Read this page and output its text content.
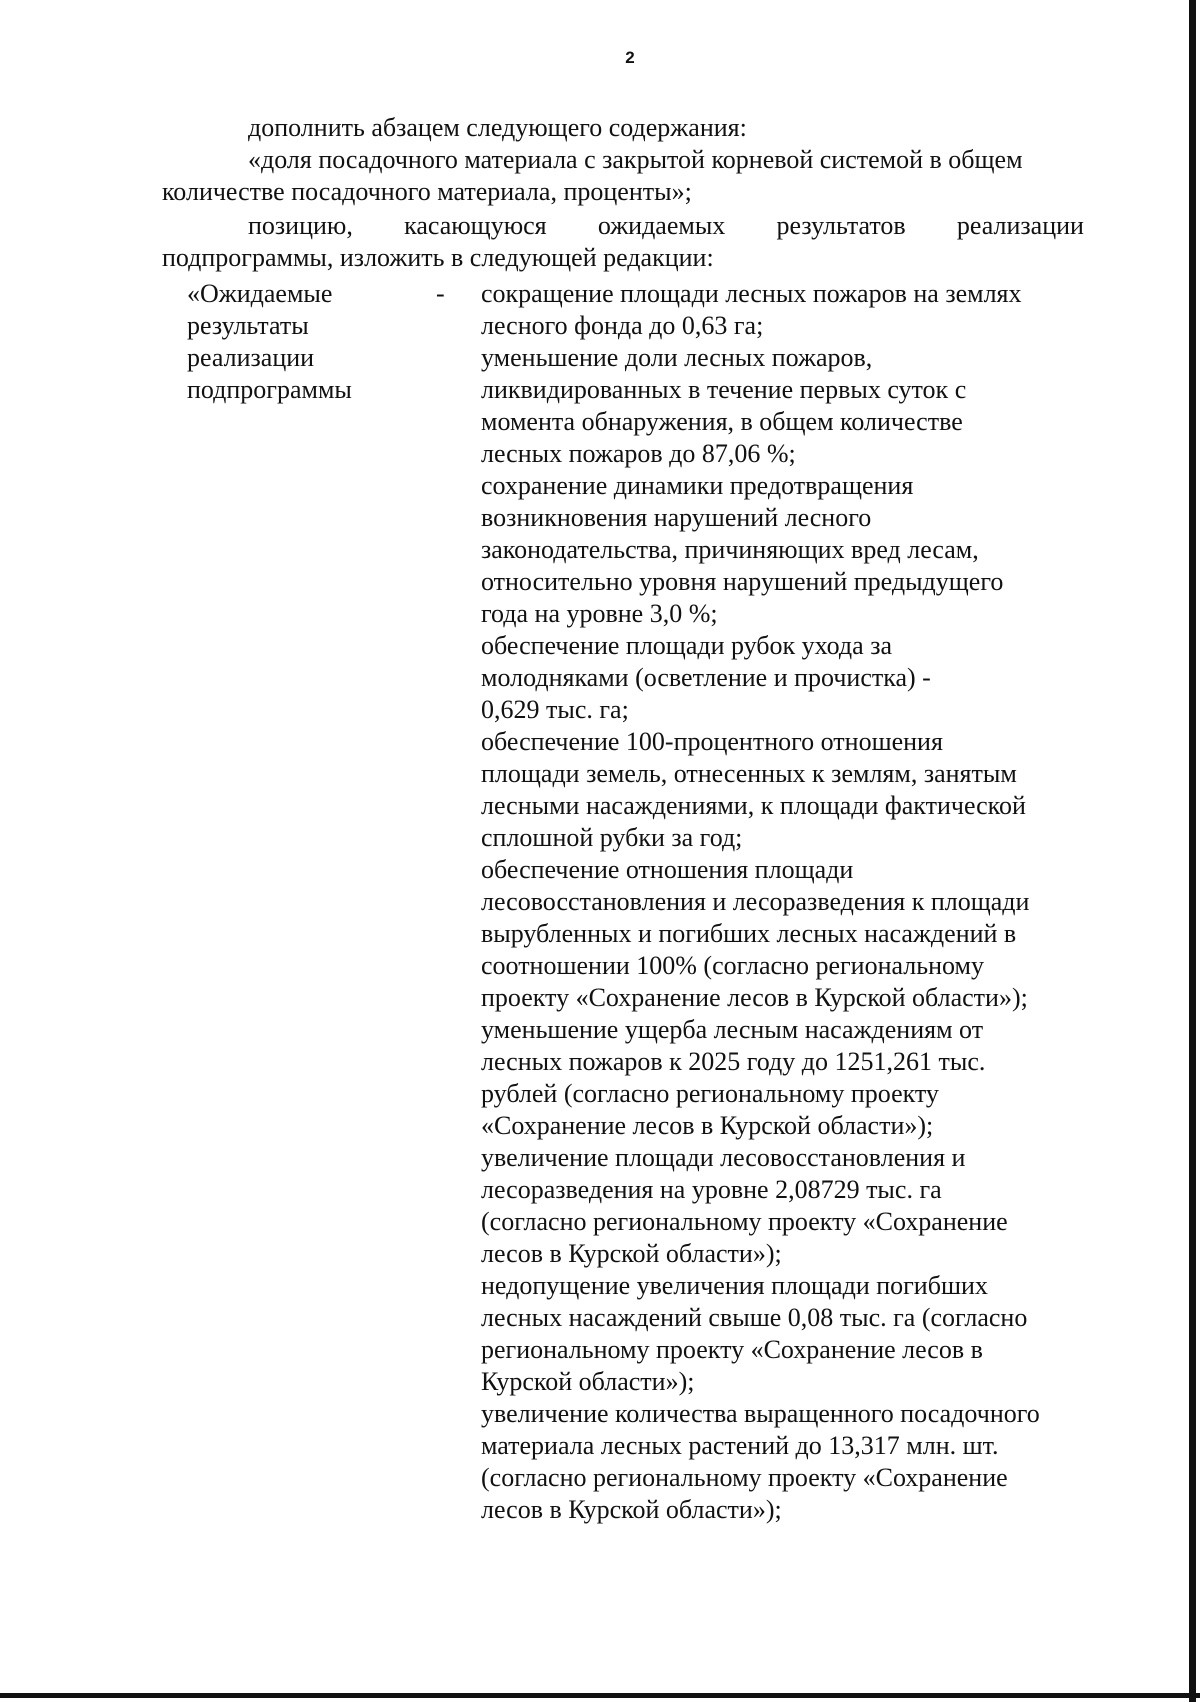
2
дополнить абзацем следующего содержания:
«доля посадочного материала с закрытой корневой системой в общем
количестве посадочного материала, проценты»;
позицию, касающуюся ожидаемых результатов реализации
подпрограммы, изложить в следующей редакции:
«Ожидаемые
результаты
реализации
подпрограммы
- сокращение площади лесных пожаров на землях
лесного фонда до 0,63 га;
уменьшение доли лесных пожаров,
ликвидированных в течение первых суток с
момента обнаружения, в общем количестве
лесных пожаров до 87,06 %;
сохранение динамики предотвращения
возникновения нарушений лесного
законодательства, причиняющих вред лесам,
относительно уровня нарушений предыдущего
года на уровне 3,0 %;
обеспечение площади рубок ухода за
молодняками (осветление и прочистка) -
0,629 тыс. га;
обеспечение 100-процентного отношения
площади земель, отнесенных к землям, занятым
лесными насаждениями, к площади фактической
сплошной рубки за год;
обеспечение отношения площади
лесовосстановления и лесоразведения к площади
вырубленных и погибших лесных насаждений в
соотношении 100% (согласно региональному
проекту «Сохранение лесов в Курской области»);
уменьшение ущерба лесным насаждениям от
лесных пожаров к 2025 году до 1251,261 тыс.
рублей (согласно региональному проекту
«Сохранение лесов в Курской области»);
увеличение площади лесовосстановления и
лесоразведения на уровне 2,08729 тыс. га
(согласно региональному проекту «Сохранение
лесов в Курской области»);
недопущение увеличения площади погибших
лесных насаждений свыше 0,08 тыс. га (согласно
региональному проекту «Сохранение лесов в
Курской области»);
увеличение количества выращенного посадочного
материала лесных растений до 13,317 млн. шт.
(согласно региональному проекту «Сохранение
лесов в Курской области»);
